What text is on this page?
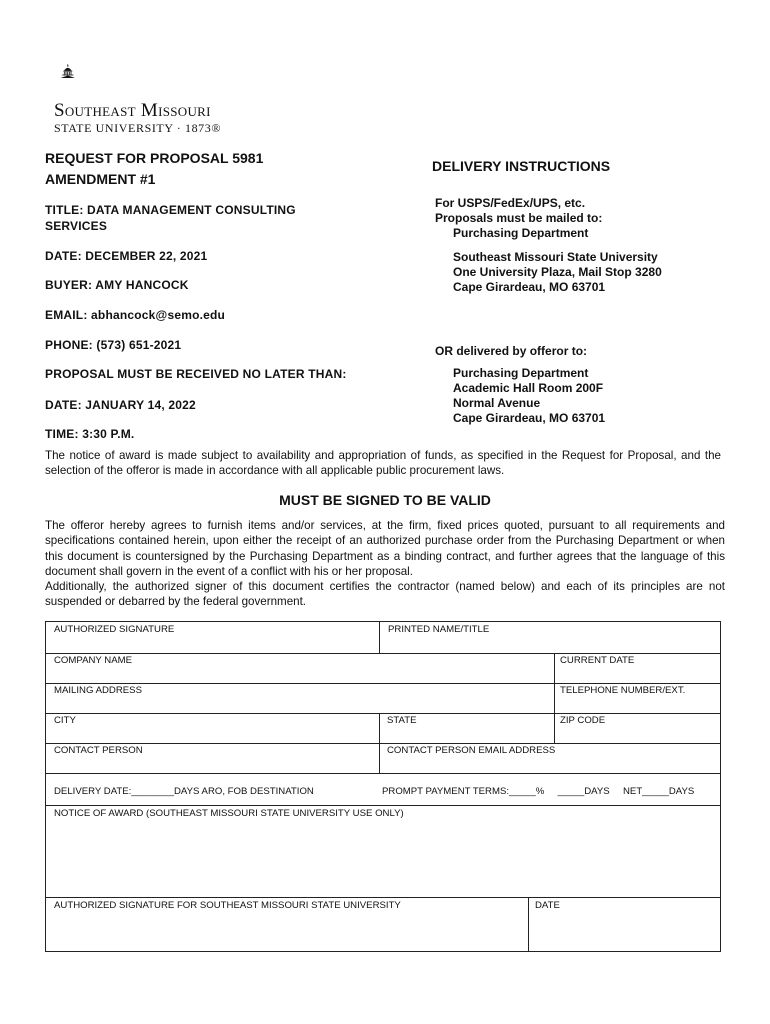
Southeast Missouri
STATE UNIVERSITY · 1873®
REQUEST FOR PROPOSAL 5981
AMENDMENT #1
TITLE: DATA MANAGEMENT CONSULTING
SERVICES
DATE: DECEMBER 22, 2021
BUYER: AMY HANCOCK
EMAIL: abhancock@semo.edu
PHONE: (573) 651-2021
PROPOSAL MUST BE RECEIVED NO LATER THAN:
DATE: JANUARY 14, 2022
TIME: 3:30 P.M.
DELIVERY INSTRUCTIONS
For USPS/FedEx/UPS, etc.
Proposals must be mailed to:
Purchasing Department
Southeast Missouri State University
One University Plaza, Mail Stop 3280
Cape Girardeau, MO 63701
OR delivered by offeror to:
Purchasing Department
Academic Hall Room 200F
Normal Avenue
Cape Girardeau, MO 63701
The notice of award is made subject to availability and appropriation of funds, as specified in the Request for Proposal, and the selection of the offeror is made in accordance with all applicable public procurement laws.
MUST BE SIGNED TO BE VALID
The offeror hereby agrees to furnish items and/or services, at the firm, fixed prices quoted, pursuant to all requirements and specifications contained herein, upon either the receipt of an authorized purchase order from the Purchasing Department or when this document is countersigned by the Purchasing Department as a binding contract, and further agrees that the language of this document shall govern in the event of a conflict with his or her proposal.
Additionally, the authorized signer of this document certifies the contractor (named below) and each of its principles are not suspended or debarred by the federal government.
AUTHORIZED SIGNATURE	PRINTED NAME/TITLE
COMPANY NAME	CURRENT DATE
MAILING ADDRESS	TELEPHONE NUMBER/EXT.
CITY	STATE	ZIP CODE
CONTACT PERSON	CONTACT PERSON EMAIL ADDRESS
DELIVERY DATE:________DAYS ARO, FOB DESTINATION	PROMPT PAYMENT TERMS:_____%     _____DAYS     NET_____DAYS
NOTICE OF AWARD (SOUTHEAST MISSOURI STATE UNIVERSITY USE ONLY)
AUTHORIZED SIGNATURE FOR SOUTHEAST MISSOURI STATE UNIVERSITY	DATE
